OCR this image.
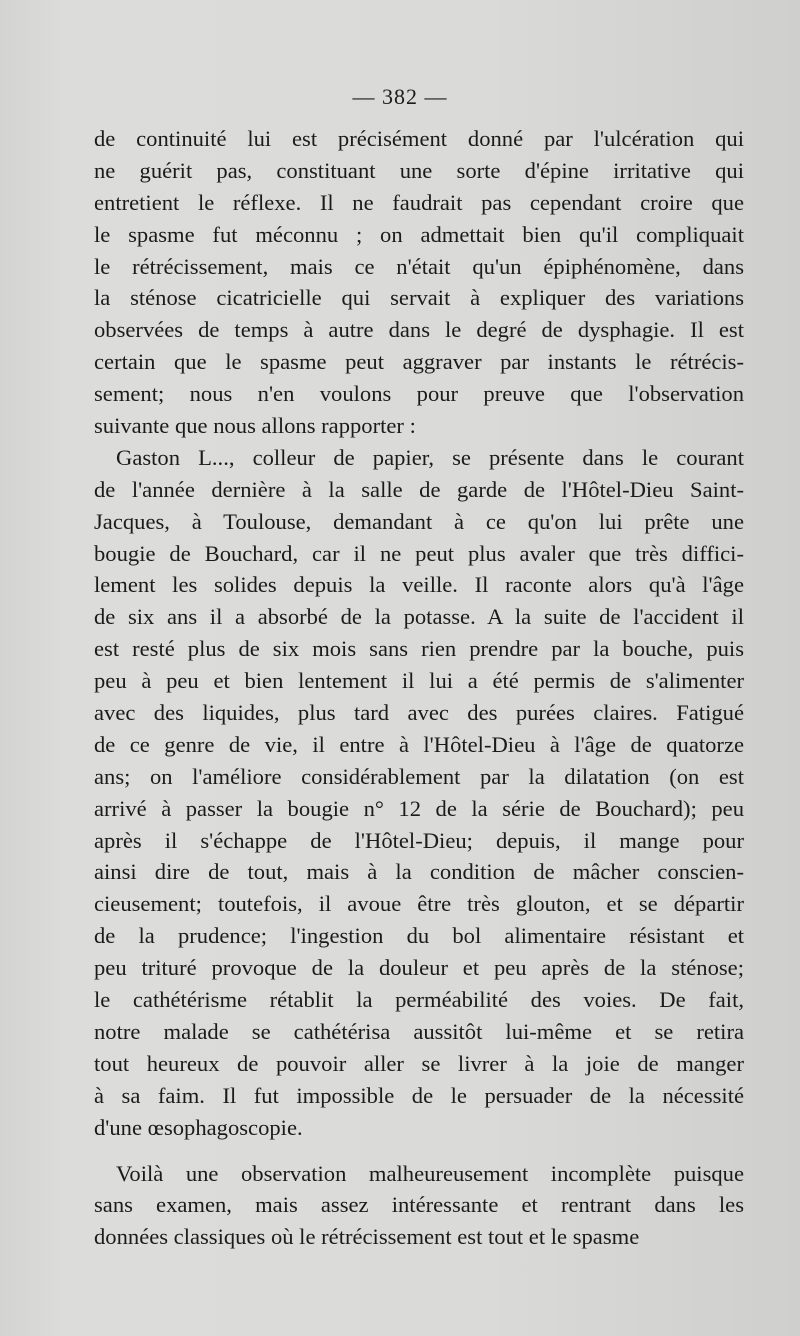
— 382 —
de continuité lui est précisément donné par l'ulcération qui
ne guérit pas, constituant une sorte d'épine irritative qui
entretient le réflexe. Il ne faudrait pas cependant croire que
le spasme fut méconnu ; on admettait bien qu'il compliquait
le rétrécissement, mais ce n'était qu'un épiphénomène, dans
la sténose cicatricielle qui servait à expliquer des variations
observées de temps à autre dans le degré de dysphagie. Il est
certain que le spasme peut aggraver par instants le rétrécis-
sement; nous n'en voulons pour preuve que l'observation
suivante que nous allons rapporter :
Gaston L..., colleur de papier, se présente dans le courant
de l'année dernière à la salle de garde de l'Hôtel-Dieu Saint-
Jacques, à Toulouse, demandant à ce qu'on lui prête une
bougie de Bouchard, car il ne peut plus avaler que très diffici-
lement les solides depuis la veille. Il raconte alors qu'à l'âge
de six ans il a absorbé de la potasse. A la suite de l'accident il
est resté plus de six mois sans rien prendre par la bouche, puis
peu à peu et bien lentement il lui a été permis de s'alimenter
avec des liquides, plus tard avec des purées claires. Fatigué
de ce genre de vie, il entre à l'Hôtel-Dieu à l'âge de quatorze
ans; on l'améliore considérablement par la dilatation (on est
arrivé à passer la bougie n° 12 de la série de Bouchard); peu
après il s'échappe de l'Hôtel-Dieu; depuis, il mange pour
ainsi dire de tout, mais à la condition de mâcher conscien-
cieusement; toutefois, il avoue être très glouton, et se départir
de la prudence; l'ingestion du bol alimentaire résistant et
peu trituré provoque de la douleur et peu après de la sténose;
le cathétérisme rétablit la perméabilité des voies. De fait,
notre malade se cathétérisa aussitôt lui-même et se retira
tout heureux de pouvoir aller se livrer à la joie de manger
à sa faim. Il fut impossible de le persuader de la nécessité
d'une œsophagoscopie.
Voilà une observation malheureusement incomplète puisque
sans examen, mais assez intéressante et rentrant dans les
données classiques où le rétrécissement est tout et le spasme
